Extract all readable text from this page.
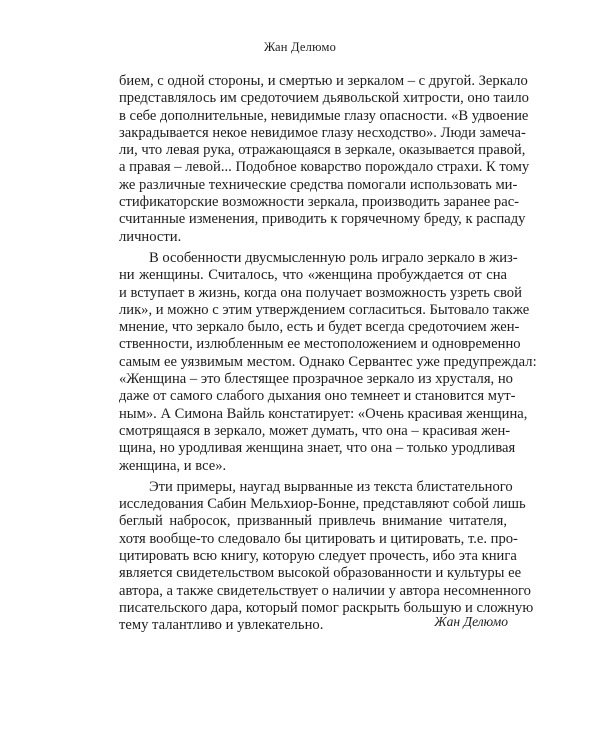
Жан Делюмо
бием, с одной стороны, и смертью и зеркалом – с другой. Зеркало
представлялось им средоточием дьявольской хитрости, оно таило
в себе дополнительные, невидимые глазу опасности. «В удвоение
закрадывается некое невидимое глазу несходство». Люди замеча-
ли, что левая рука, отражающаяся в зеркале, оказывается правой,
а правая – левой... Подобное коварство порождало страхи. К тому
же различные технические средства помогали использовать ми-
стификаторские возможности зеркала, производить заранее рас-
считанные изменения, приводить к горячечному бреду, к распаду
личности.
В особенности двусмысленную роль играло зеркало в жиз-
ни женщины. Считалось, что «женщина пробуждается от сна
и вступает в жизнь, когда она получает возможность узреть свой
лик», и можно с этим утверждением согласиться. Бытовало также
мнение, что зеркало было, есть и будет всегда средоточием жен-
ственности, излюбленным ее местоположением и одновременно
самым ее уязвимым местом. Однако Сервантес уже предупреждал:
«Женщина – это блестящее прозрачное зеркало из хрусталя, но
даже от самого слабого дыхания оно темнеет и становится мут-
ным». А Симона Вайль констатирует: «Очень красивая женщина,
смотрящаяся в зеркало, может думать, что она – красивая жен-
щина, но уродливая женщина знает, что она – только уродливая
женщина, и все».
Эти примеры, наугад вырванные из текста блистательного
исследования Сабин Мельхиор-Бонне, представляют собой лишь
беглый набросок, призванный привлечь внимание читателя,
хотя вообще-то следовало бы цитировать и цитировать, т.е. про-
цитировать всю книгу, которую следует прочесть, ибо эта книга
является свидетельством высокой образованности и культуры ее
автора, а также свидетельствует о наличии у автора несомненного
писательского дара, который помог раскрыть большую и сложную
тему талантливо и увлекательно.	Жан Делюмо
